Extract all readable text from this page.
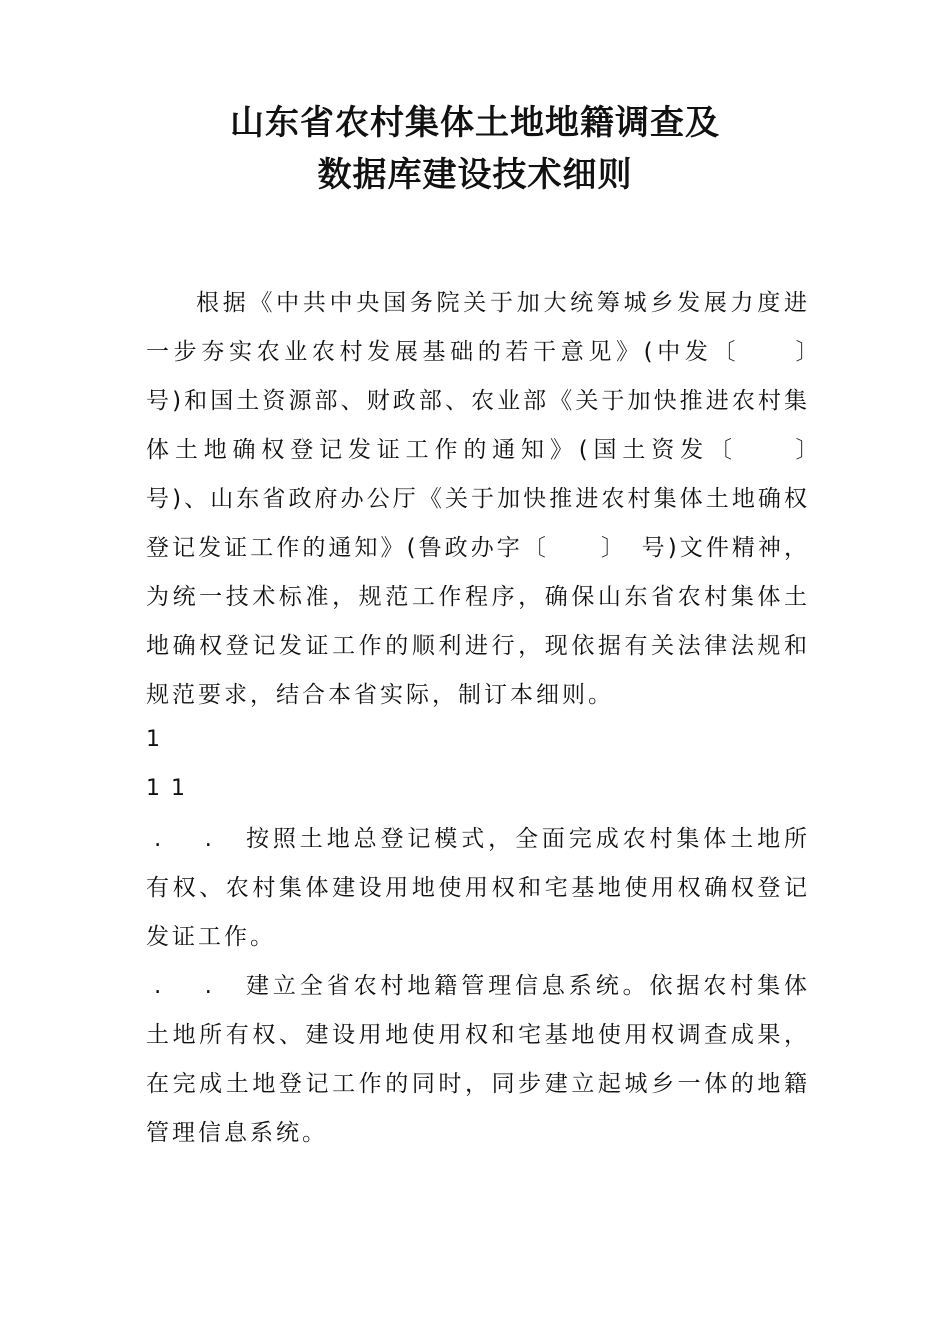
山东省农村集体土地地籍调查及
数据库建设技术细则

根据《中共中央国务院关于加大统筹城乡发展力度进一步夯实农业农村发展基础的若干意见》(中发〔　　〕　号)和国土资源部、财政部、农业部《关于加快推进农村集体土地确权登记发证工作的通知》(国土资发〔　　〕　号)、山东省政府办公厅《关于加快推进农村集体土地确权登记发证工作的通知》(鲁政办字〔　　〕　号)文件精神，为统一技术标准，规范工作程序，确保山东省农村集体土地确权登记发证工作的顺利进行，现依据有关法律法规和规范要求，结合本省实际，制订本细则。

1  ￼    ￼
1￼ 1   ￼￼￼￼￼
. . 按照土地总登记模式，全面完成农村集体土地所有权、农村集体建设用地使用权和宅基地使用权确权登记发证工作。

. . 建立全省农村地籍管理信息系统。依据农村集体土地所有权、建设用地使用权和宅基地使用权调查成果，在完成土地登记工作的同时，同步建立起城乡一体的地籍管理信息系统。
